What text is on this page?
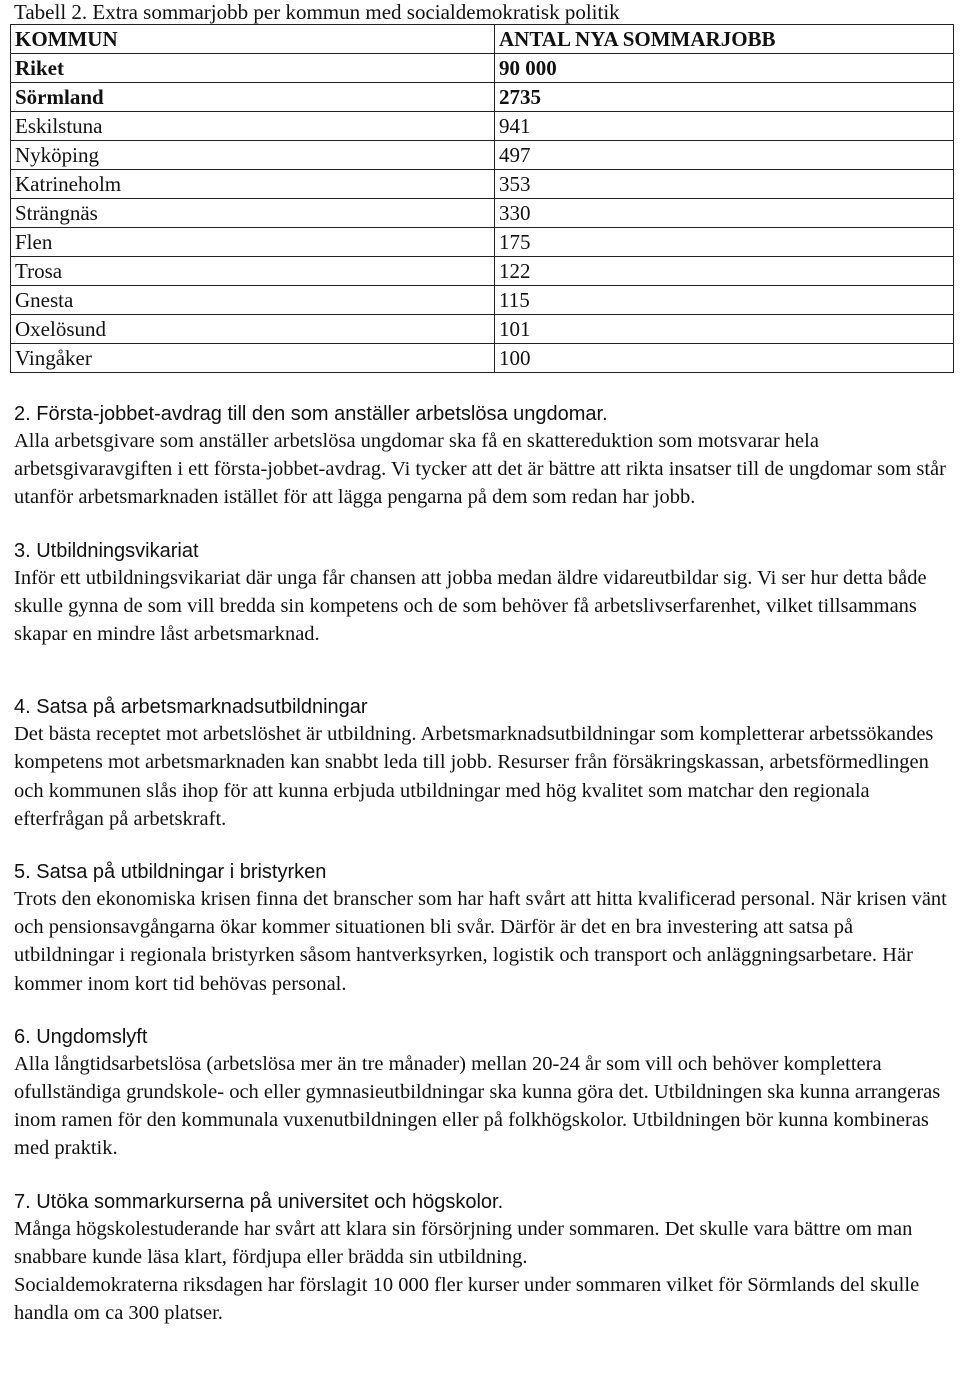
Tabell 2. Extra sommarjobb per kommun med socialdemokratisk politik
KOMMUN	ANTAL NYA SOMMARJOBB
Riket	90 000
Sörmland	2735
Eskilstuna	941
Nyköping	497
Katrineholm	353
Strängnäs	330
Flen	175
Trosa	122
Gnesta	115
Oxelösund	101
Vingåker	100
2. Första-jobbet-avdrag till den som anställer arbetslösa ungdomar.

Alla arbetsgivare som anställer arbetslösa ungdomar ska få en skattereduktion som motsvarar hela arbetsgivaravgiften i ett första-jobbet-avdrag. Vi tycker att det är bättre att rikta insatser till de ungdomar som står utanför arbetsmarknaden istället för att lägga pengarna på dem som redan har jobb.

3. Utbildningsvikariat

Inför ett utbildningsvikariat där unga får chansen att jobba medan äldre vidareutbildar sig. Vi ser hur detta både skulle gynna de som vill bredda sin kompetens och de som behöver få arbetslivserfarenhet, vilket tillsammans skapar en mindre låst arbetsmarknad.

4. Satsa på arbetsmarknadsutbildningar

Det bästa receptet mot arbetslöshet är utbildning. Arbetsmarknadsutbildningar som kompletterar arbetssökandes kompetens mot arbetsmarknaden kan snabbt leda till jobb. Resurser från försäkringskassan, arbetsförmedlingen och kommunen slås ihop för att kunna erbjuda utbildningar med hög kvalitet som matchar den regionala efterfrågan på arbetskraft.

5. Satsa på utbildningar i bristyrken

Trots den ekonomiska krisen finna det branscher som har haft svårt att hitta kvalificerad personal. När krisen vänt och pensionsavgångarna ökar kommer situationen bli svår. Därför är det en bra investering att satsa på utbildningar i regionala bristyrken såsom hantverksyrken, logistik och transport och anläggningsarbetare. Här kommer inom kort tid behövas personal.

6. Ungdomslyft

Alla långtidsarbetslösa (arbetslösa mer än tre månader) mellan 20-24 år som vill och behöver komplettera ofullständiga grundskole- och eller gymnasieutbildningar ska kunna göra det. Utbildningen ska kunna arrangeras inom ramen för den kommunala vuxenutbildningen eller på folkhögskolor. Utbildningen bör kunna kombineras med praktik.

7. Utöka sommarkurserna på universitet och högskolor.

Många högskolestuderande har svårt att klara sin försörjning under sommaren. Det skulle vara bättre om man snabbare kunde läsa klart, fördjupa eller brädda sin utbildning.

Socialdemokraterna riksdagen har förslagit 10 000 fler kurser under sommaren vilket för Sörmlands del skulle handla om ca 300 platser.
